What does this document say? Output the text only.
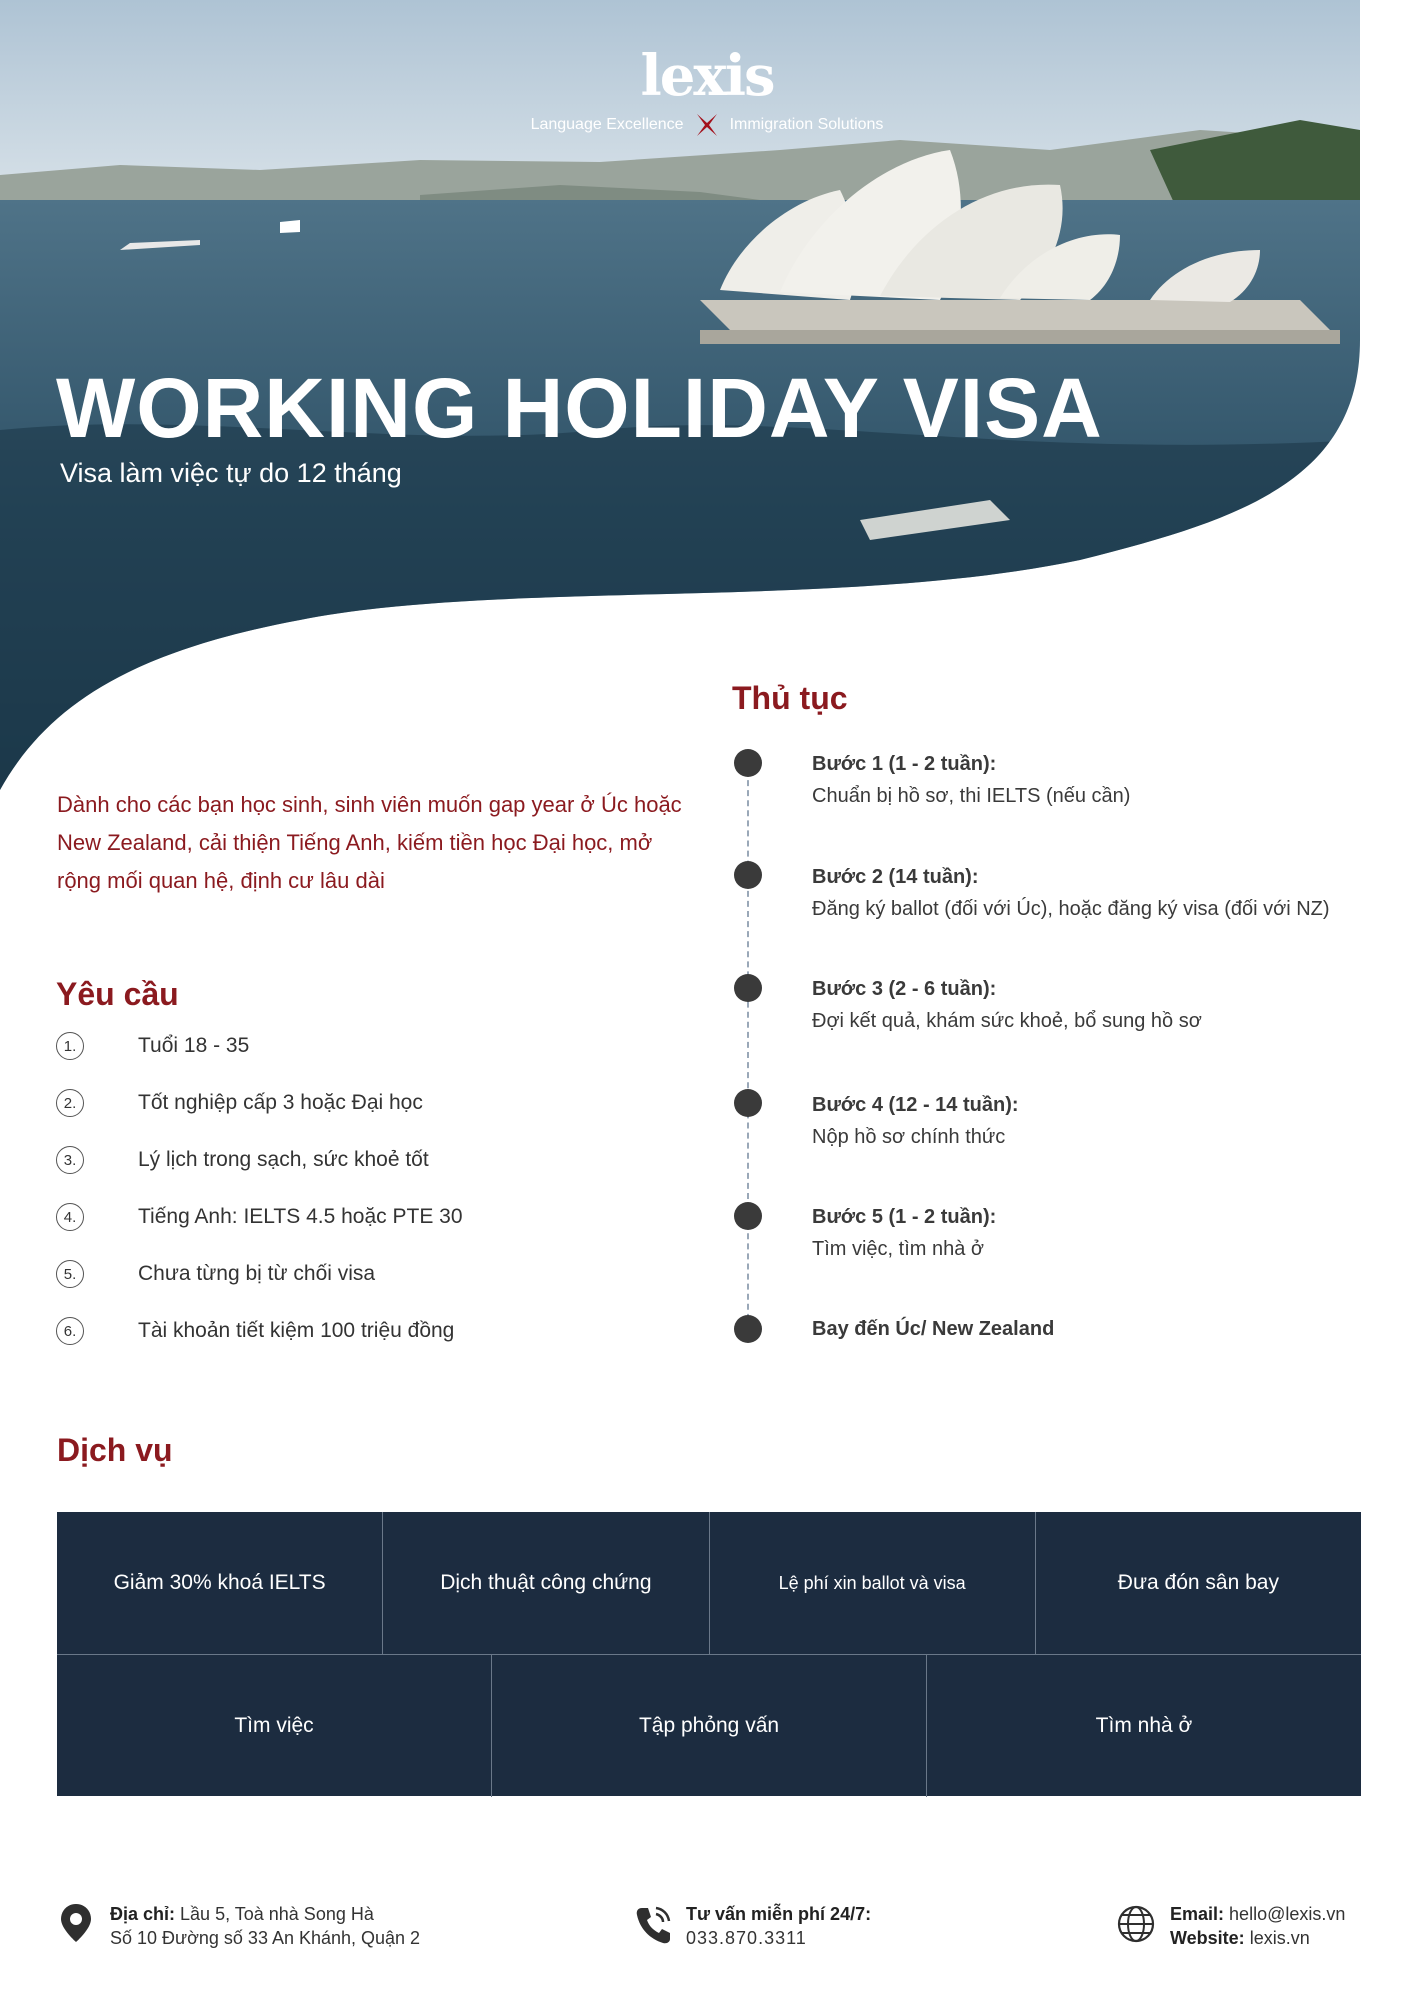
lexis
Language Excellence	Immigration Solutions
WORKING HOLIDAY VISA
Visa làm việc tự do 12 tháng
Dành cho các bạn học sinh, sinh viên muốn gap year ở Úc hoặc New Zealand, cải thiện Tiếng Anh, kiếm tiền học Đại học, mở rộng mối quan hệ, định cư lâu dài
Yêu cầu
1.	Tuổi 18 - 35
2.	Tốt nghiệp cấp 3 hoặc Đại học
3.	Lý lịch trong sạch, sức khoẻ tốt
4.	Tiếng Anh: IELTS 4.5 hoặc PTE 30
5.	Chưa từng bị từ chối visa
6.	Tài khoản tiết kiệm 100 triệu đồng
Thủ tục
Bước 1 (1 - 2 tuần):
Chuẩn bị hồ sơ, thi IELTS (nếu cần)
Bước 2 (14 tuần):
Đăng ký ballot (đối với Úc), hoặc đăng ký visa (đối với NZ)
Bước 3 (2 - 6 tuần):
Đợi kết quả, khám sức khoẻ, bổ sung hồ sơ
Bước 4 (12 - 14 tuần):
Nộp hồ sơ chính thức
Bước 5 (1 - 2 tuần):
Tìm việc, tìm nhà ở
Bay đến Úc/ New Zealand
Dịch vụ
Giảm 30% khoá IELTS	Dịch thuật công chứng	Lệ phí xin ballot và visa	Đưa đón sân bay
Tìm việc	Tập phỏng vấn	Tìm nhà ở
Địa chỉ: Lầu 5, Toà nhà Song Hà
Số 10 Đường số 33 An Khánh, Quận 2
Tư vấn miễn phí 24/7:
033.870.3311
Email: hello@lexis.vn
Website: lexis.vn
